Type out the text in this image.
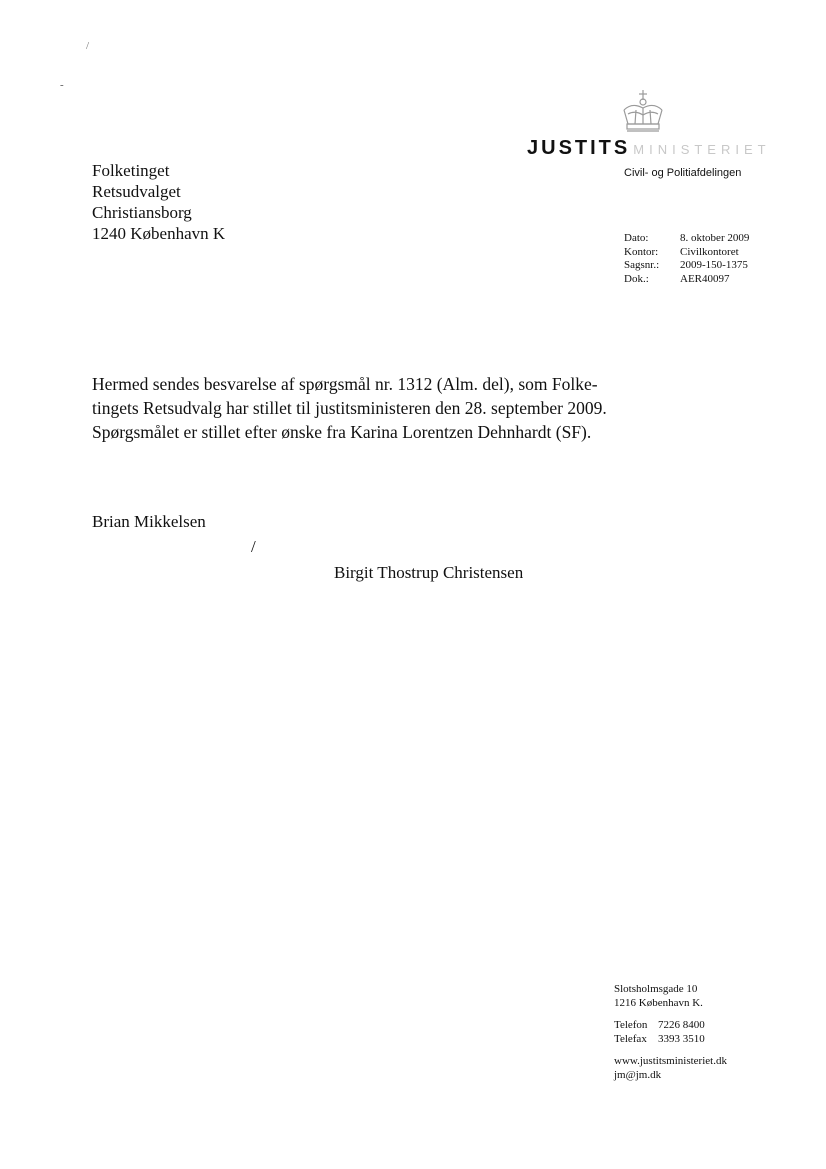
/
-
JUSTITS MINISTERIET
Civil- og Politiafdelingen
Folketinget
Retsudvalget
Christiansborg
1240 København K	Dato:	8. oktober 2009
Kontor:	Civilkontoret
Sagsnr.:	2009-150-1375
Dok.:	AER40097
Hermed sendes besvarelse af spørgsmål nr. 1312 (Alm. del), som Folke-
tingets Retsudvalg har stillet til justitsministeren den 28. september 2009.
Spørgsmålet er stillet efter ønske fra Karina Lorentzen Dehnhardt (SF).
Brian Mikkelsen
/
Birgit Thostrup Christensen
Slotsholmsgade 10
1216 København K.
Telefon 7226 8400
Telefax	3393 3510
www.justitsministeriet.dk
jm@jm.dk
